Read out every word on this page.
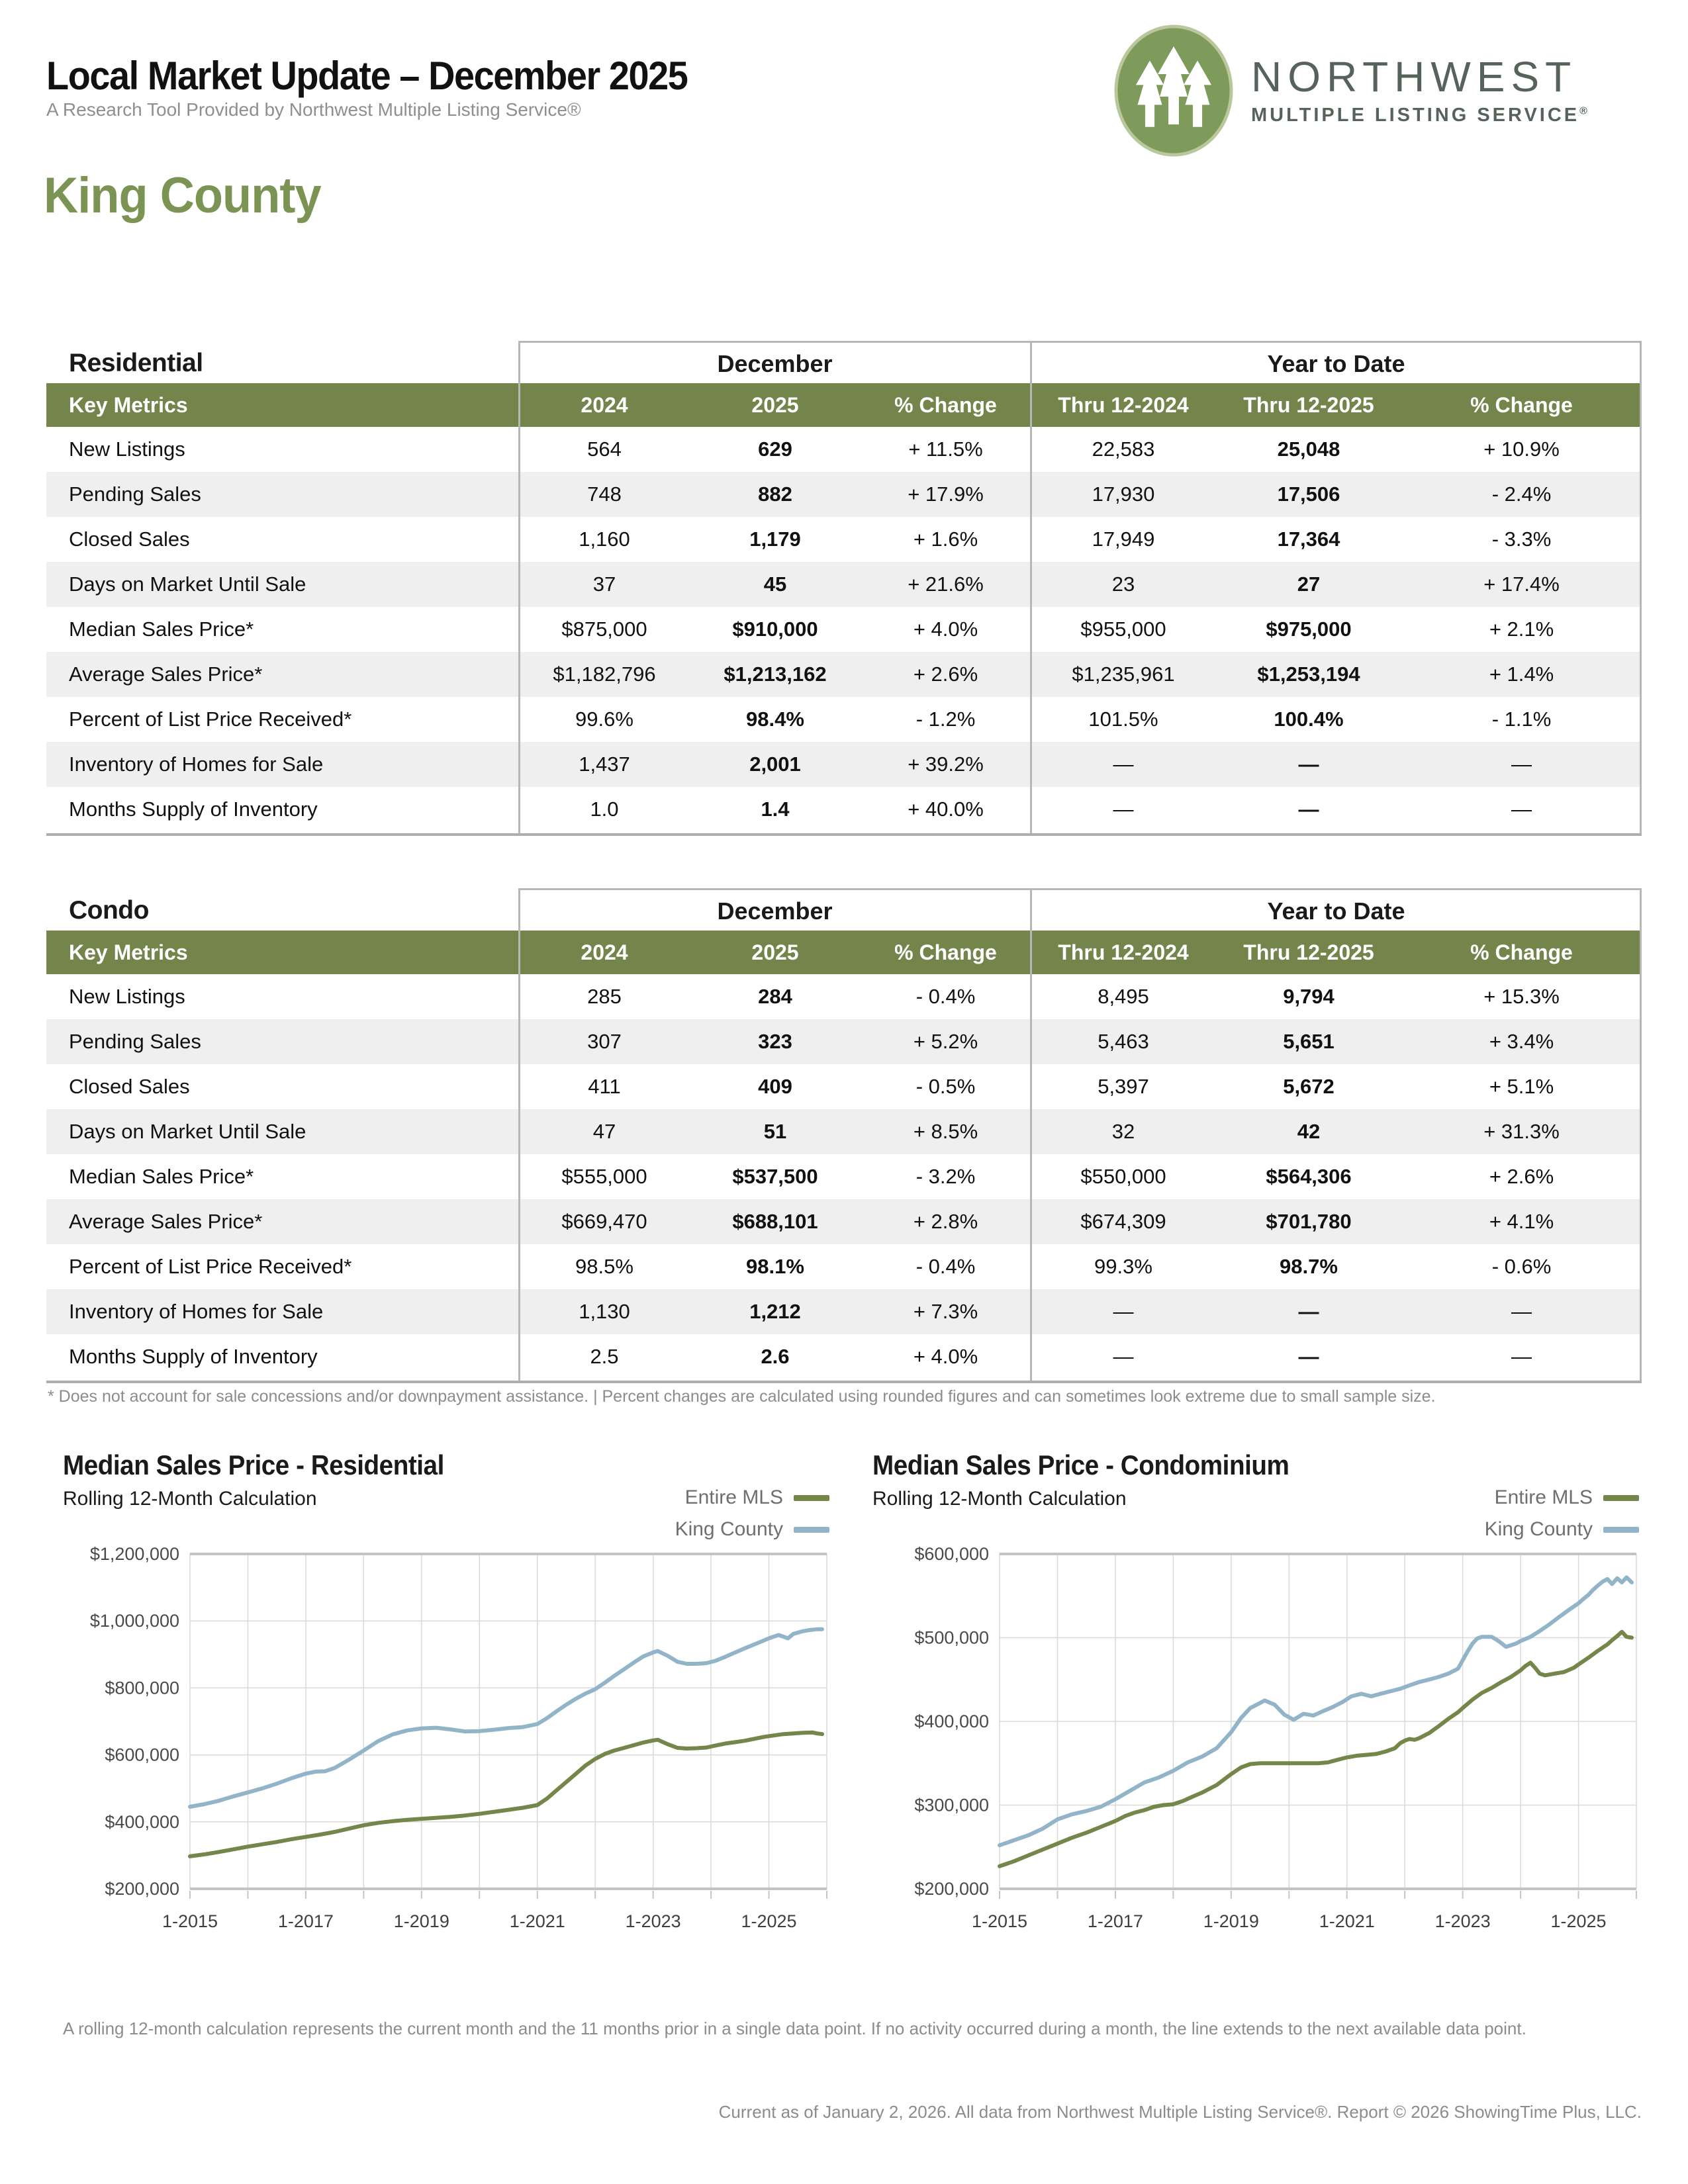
Local Market Update – December 2025
A Research Tool Provided by Northwest Multiple Listing Service®
NORTHWEST
MULTIPLE LISTING SERVICE®
King County
Residential	December	Year to Date
Key Metrics	2024	2025	% Change	Thru 12-2024	Thru 12-2025	% Change
New Listings	564	629	+ 11.5%	22,583	25,048	+ 10.9%
Pending Sales	748	882	+ 17.9%	17,930	17,506	- 2.4%
Closed Sales	1,160	1,179	+ 1.6%	17,949	17,364	- 3.3%
Days on Market Until Sale	37	45	+ 21.6%	23	27	+ 17.4%
Median Sales Price*	$875,000	$910,000	+ 4.0%	$955,000	$975,000	+ 2.1%
Average Sales Price*	$1,182,796	$1,213,162	+ 2.6%	$1,235,961	$1,253,194	+ 1.4%
Percent of List Price Received*	99.6%	98.4%	- 1.2%	101.5%	100.4%	- 1.1%
Inventory of Homes for Sale	1,437	2,001	+ 39.2%	—	—	—
Months Supply of Inventory	1.0	1.4	+ 40.0%	—	—	—
Condo	December	Year to Date
Key Metrics	2024	2025	% Change	Thru 12-2024	Thru 12-2025	% Change
New Listings	285	284	- 0.4%	8,495	9,794	+ 15.3%
Pending Sales	307	323	+ 5.2%	5,463	5,651	+ 3.4%
Closed Sales	411	409	- 0.5%	5,397	5,672	+ 5.1%
Days on Market Until Sale	47	51	+ 8.5%	32	42	+ 31.3%
Median Sales Price*	$555,000	$537,500	- 3.2%	$550,000	$564,306	+ 2.6%
Average Sales Price*	$669,470	$688,101	+ 2.8%	$674,309	$701,780	+ 4.1%
Percent of List Price Received*	98.5%	98.1%	- 0.4%	99.3%	98.7%	- 0.6%
Inventory of Homes for Sale	1,130	1,212	+ 7.3%	—	—	—
Months Supply of Inventory	2.5	2.6	+ 4.0%	—	—	—

* Does not account for sale concessions and/or downpayment assistance. | Percent changes are calculated using rounded figures and can sometimes look extreme due to small sample size.

Median Sales Price - Residential
Rolling 12-Month Calculation	Entire MLS
King County
$200,000
$400,000
$600,000
$800,000
$1,000,000
$1,200,000
1-2015	1-2017	1-2019	1-2021	1-2023	1-2025
Median Sales Price - Condominium
Rolling 12-Month Calculation	Entire MLS
King County
$200,000
$300,000
$400,000
$500,000
$600,000
1-2015	1-2017	1-2019	1-2021	1-2023	1-2025

A rolling 12-month calculation represents the current month and the 11 months prior in a single data point. If no activity occurred during a month, the line extends to the next available data point.

Current as of January 2, 2026. All data from Northwest Multiple Listing Service®. Report © 2026 ShowingTime Plus, LLC.
